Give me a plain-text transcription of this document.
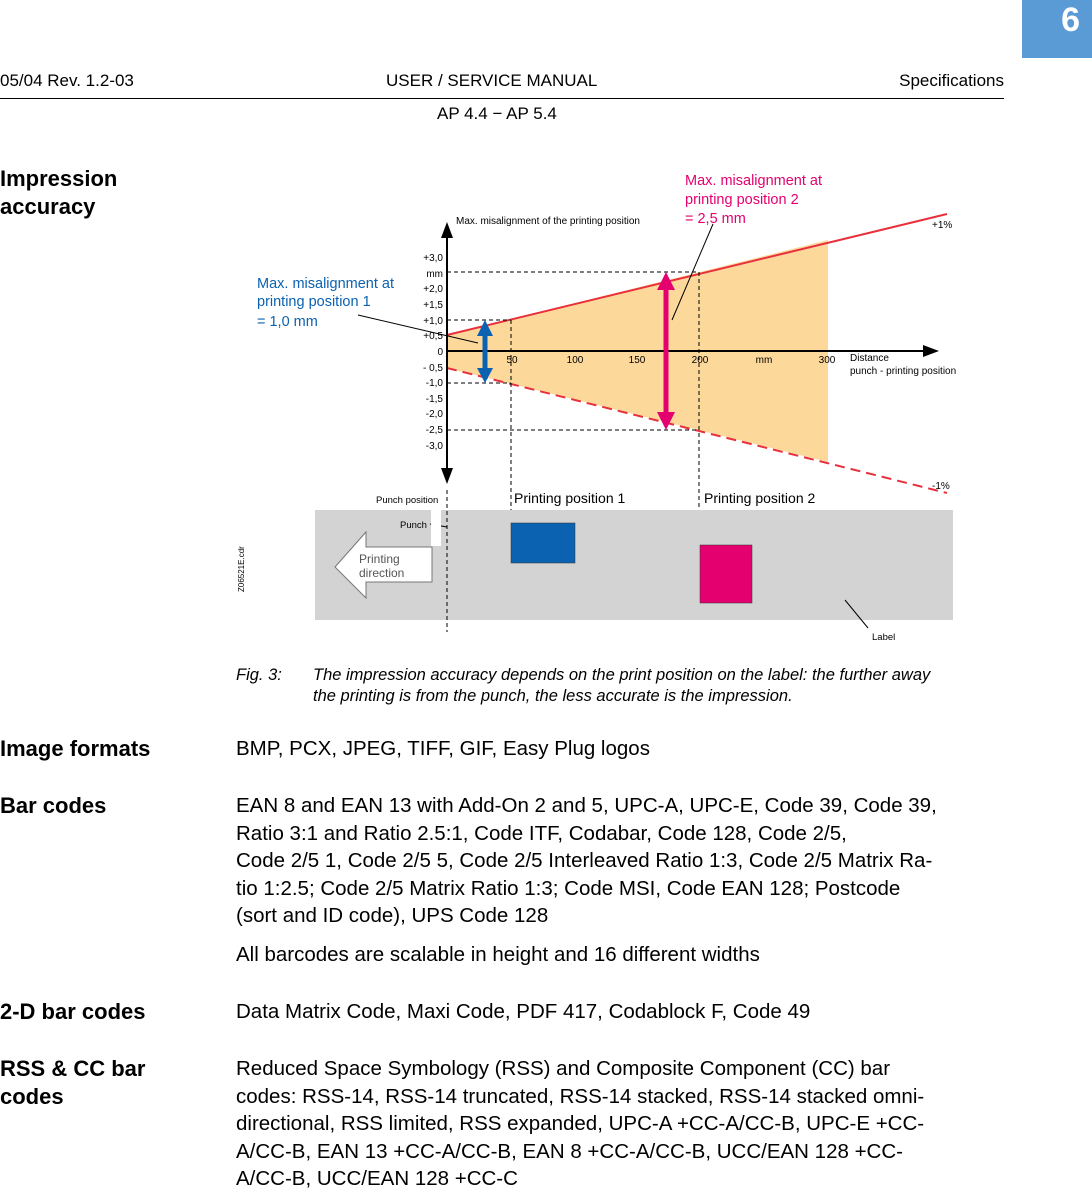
6
05/04 Rev. 1.2-03	USER / SERVICE MANUAL	Specifications
AP 4.4 − AP 5.4
Impression accuracy
+3,0
mm
+2,0
+1,5
+1,0
+0,5
0
- 0,5
-1,0
-1,5
-2,0
-2,5
-3,0
50	100	150	200	mm	300
Max. misalignment of the printing position
Distance
punch - printing position
+1%
-1%
Max. misalignment at
printing position 1
= 1,0 mm
Max. misalignment at
printing position 2
= 2,5 mm
Punch position
Punch
Printing
direction
Printing position 1	Printing position 2
Label
Z06521E.cdr
Fig. 3: The impression accuracy depends on the print position on the label: the further away
the printing is from the punch, the less accurate is the impression.
Image formats	BMP, PCX, JPEG, TIFF, GIF, Easy Plug logos
Bar codes	EAN 8 and EAN 13 with Add-On 2 and 5, UPC-A, UPC-E, Code 39, Code 39,
Ratio 3:1 and Ratio 2.5:1, Code ITF, Codabar, Code 128, Code 2/5,
Code 2/5 1, Code 2/5 5, Code 2/5 Interleaved Ratio 1:3, Code 2/5 Matrix Ra-
tio 1:2.5; Code 2/5 Matrix Ratio 1:3; Code MSI, Code EAN 128; Postcode
(sort and ID code), UPS Code 128
All barcodes are scalable in height and 16 different widths
2-D bar codes	Data Matrix Code, Maxi Code, PDF 417, Codablock F, Code 49
RSS & CC bar
codes
Reduced Space Symbology (RSS) and Composite Component (CC) bar
codes: RSS-14, RSS-14 truncated, RSS-14 stacked, RSS-14 stacked omni-
directional, RSS limited, RSS expanded, UPC-A +CC-A/CC-B, UPC-E +CC-
A/CC-B, EAN 13 +CC-A/CC-B, EAN 8 +CC-A/CC-B, UCC/EAN 128 +CC-
A/CC-B, UCC/EAN 128 +CC-C
